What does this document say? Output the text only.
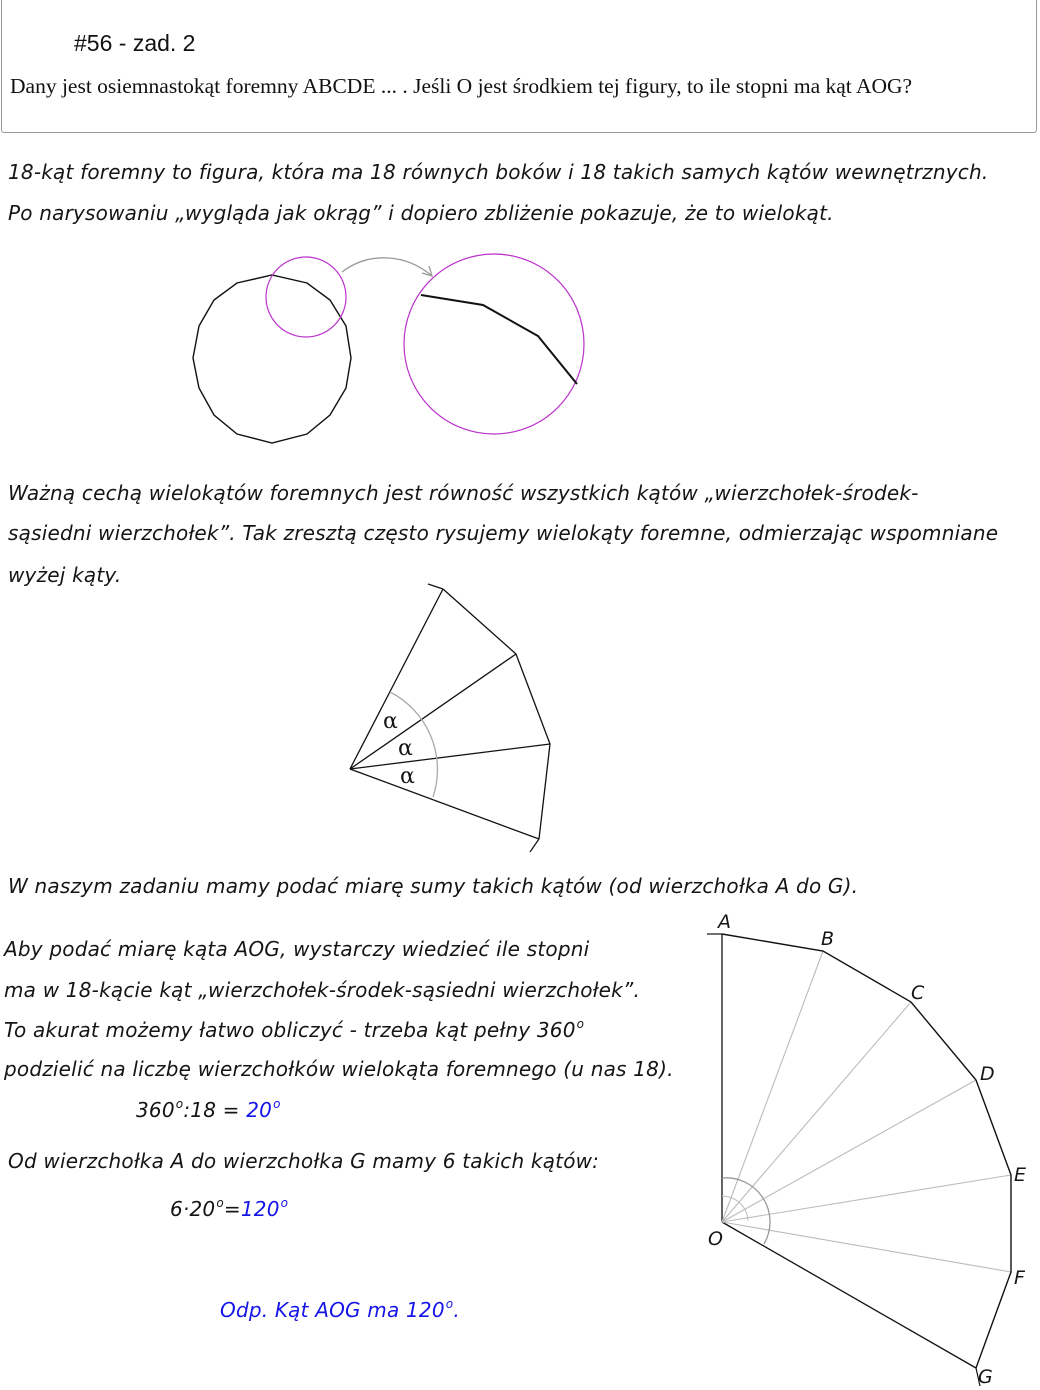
#56 - zad. 2
Dany jest osiemnastokąt foremny ABCDE ... . Jeśli O jest środkiem tej figury, to ile stopni ma kąt AOG?
18-kąt foremny to figura, która ma 18 równych boków i 18 takich samych kątów wewnętrznych.
Po narysowaniu „wygląda jak okrąg” i dopiero zbliżenie pokazuje, że to wielokąt.
Ważną cechą wielokątów foremnych jest równość wszystkich kątów „wierzchołek-środek-
sąsiedni wierzchołek”. Tak zresztą często rysujemy wielokąty foremne, odmierzając wspomniane
wyżej kąty.
α
α
α
W naszym zadaniu mamy podać miarę sumy takich kątów (od wierzchołka A do G).
Aby podać miarę kąta AOG, wystarczy wiedzieć ile stopni
ma w 18-kącie kąt „wierzchołek-środek-sąsiedni wierzchołek”.
To akurat możemy łatwo obliczyć - trzeba kąt pełny 360$^o$
podzielić na liczbę wierzchołków wielokąta foremnego (u nas 18).
$360^o:18 = 20^o$
Od wierzchołka A do wierzchołka G mamy 6 takich kątów:
$6\cdot 20^o=120^o$
Odp. Kąt AOG ma 120$^o$.
A
B
C
D
E
F
G
O
